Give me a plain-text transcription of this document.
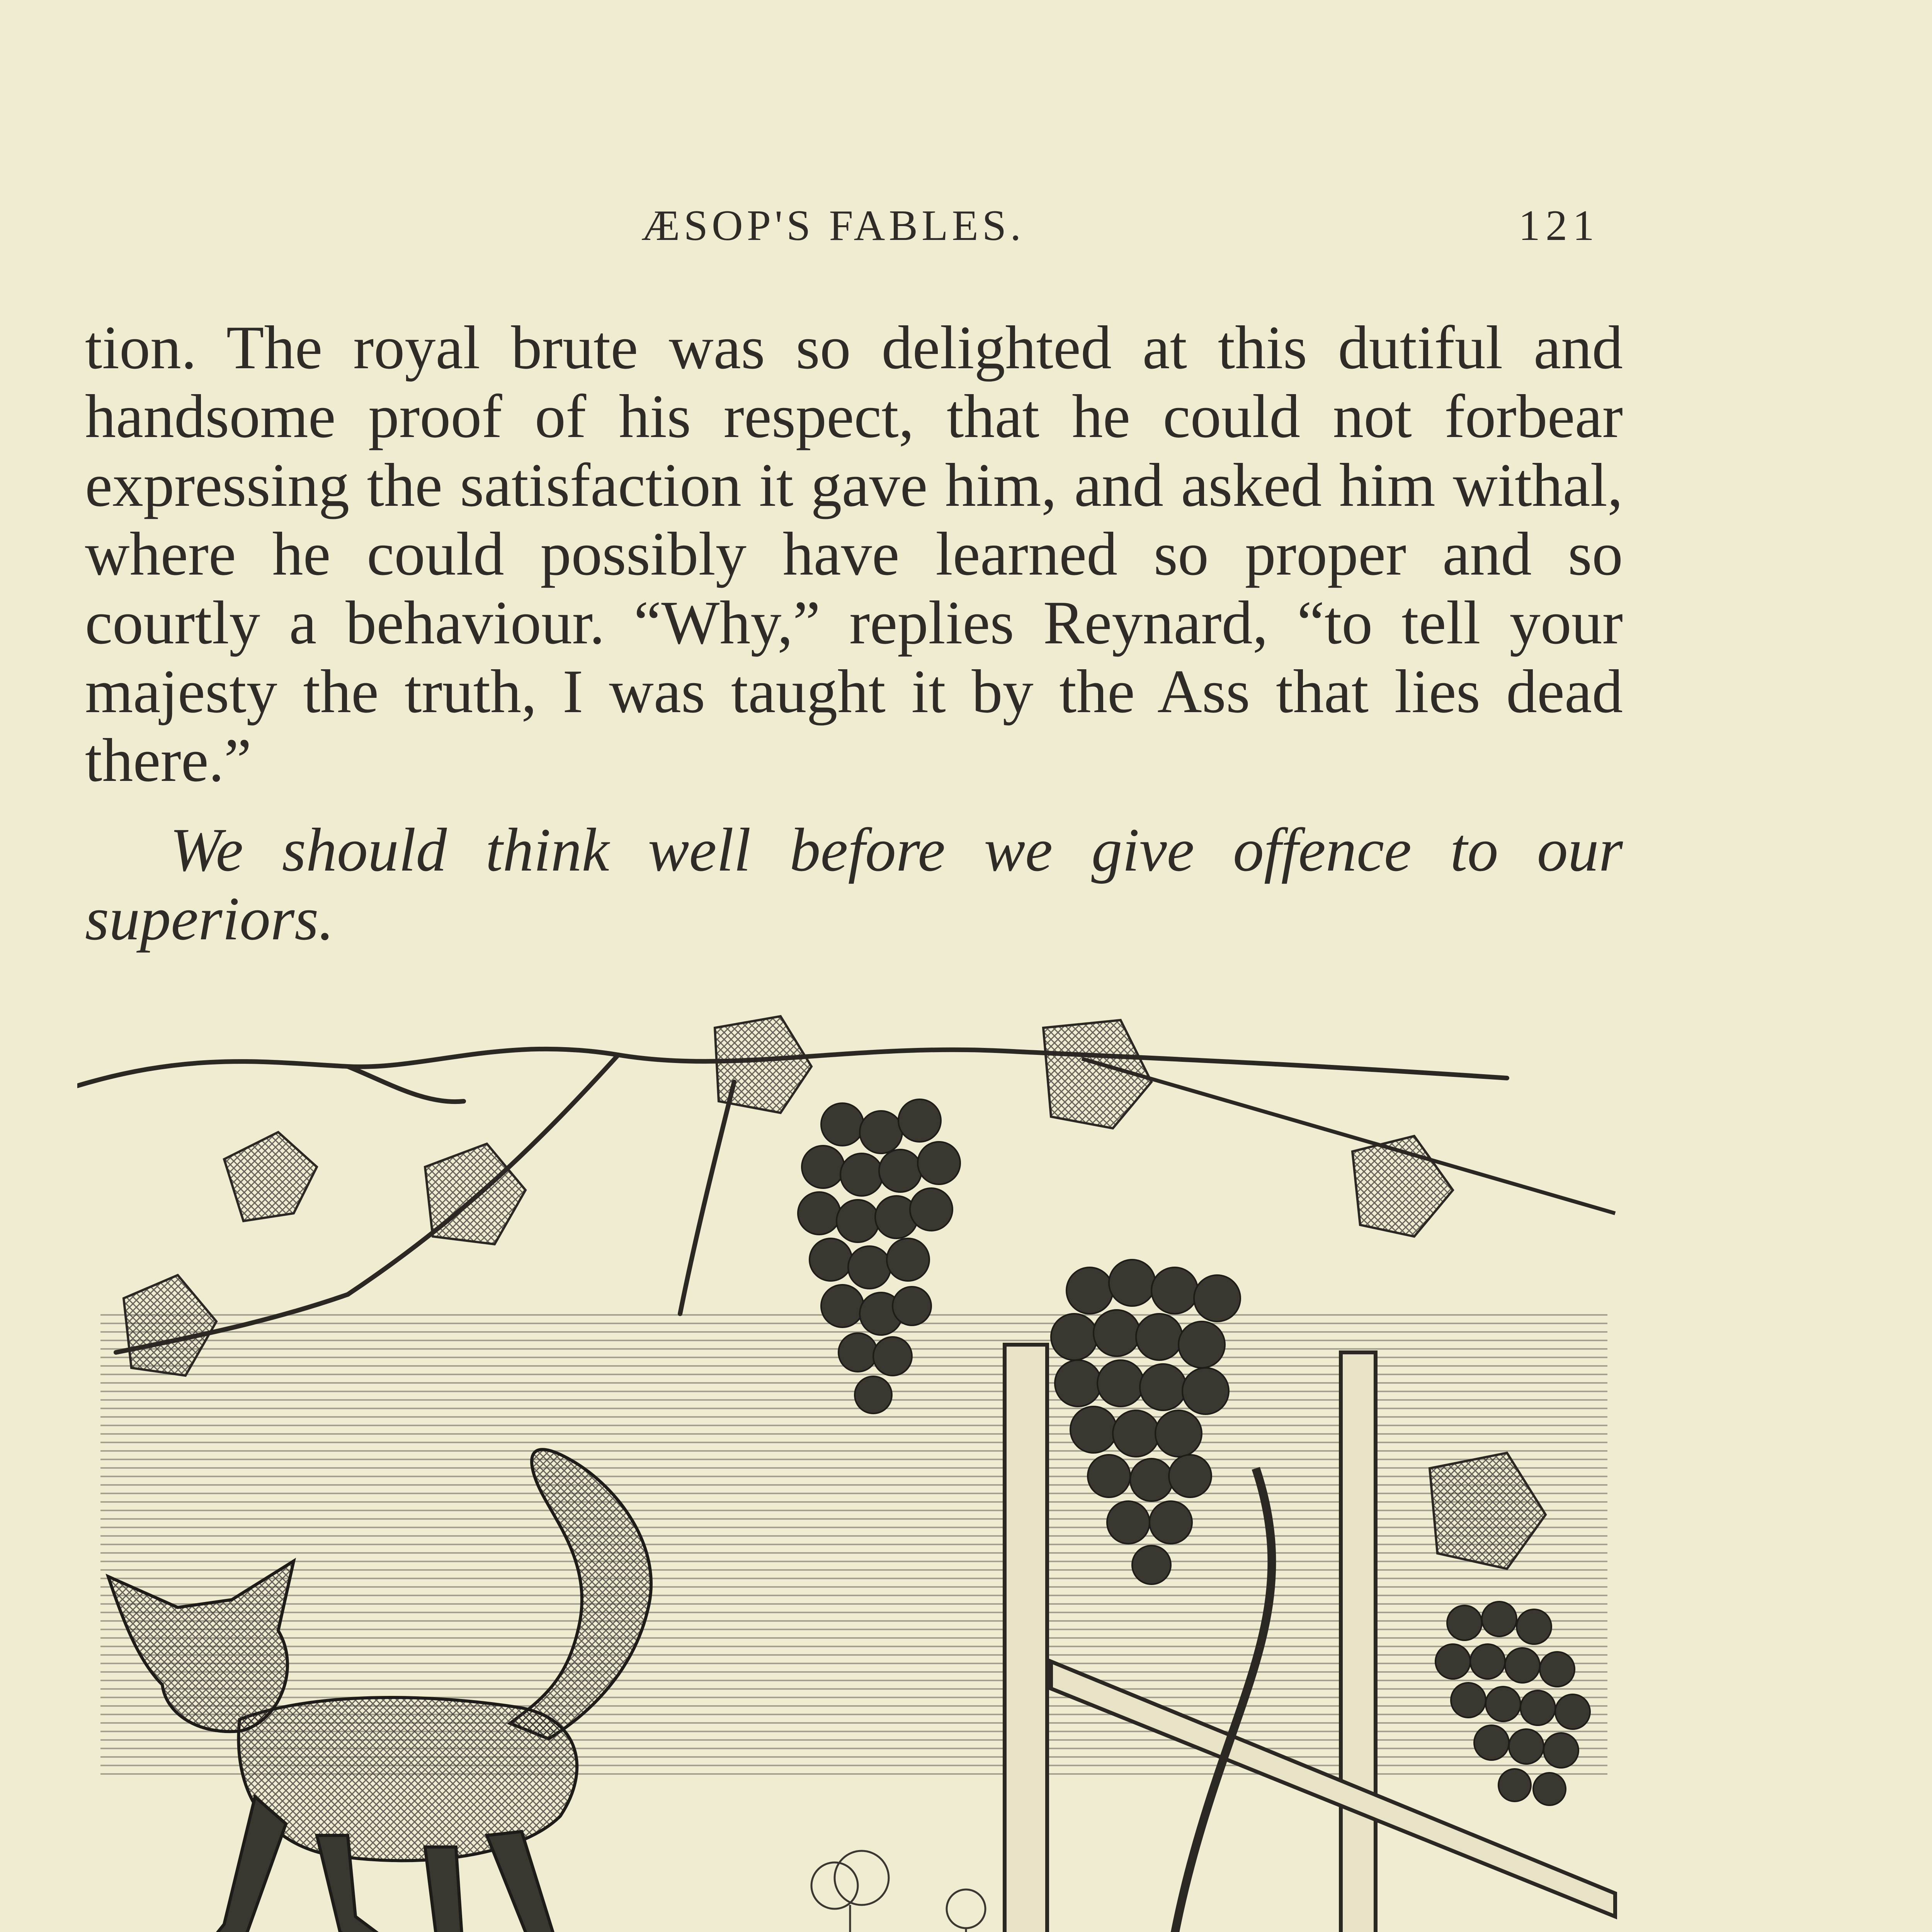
ÆSOP'S FABLES.	121

tion. The royal brute was so delighted at this dutiful and handsome proof of his respect, that he could not forbear expressing the satisfaction it gave him, and asked him withal, where he could possibly have learned so proper and so courtly a behaviour. “Why,” replies Reynard, “to tell your majesty the truth, I was taught it by the Ass that lies dead there.”

We should think well before we give offence to our superiors.
